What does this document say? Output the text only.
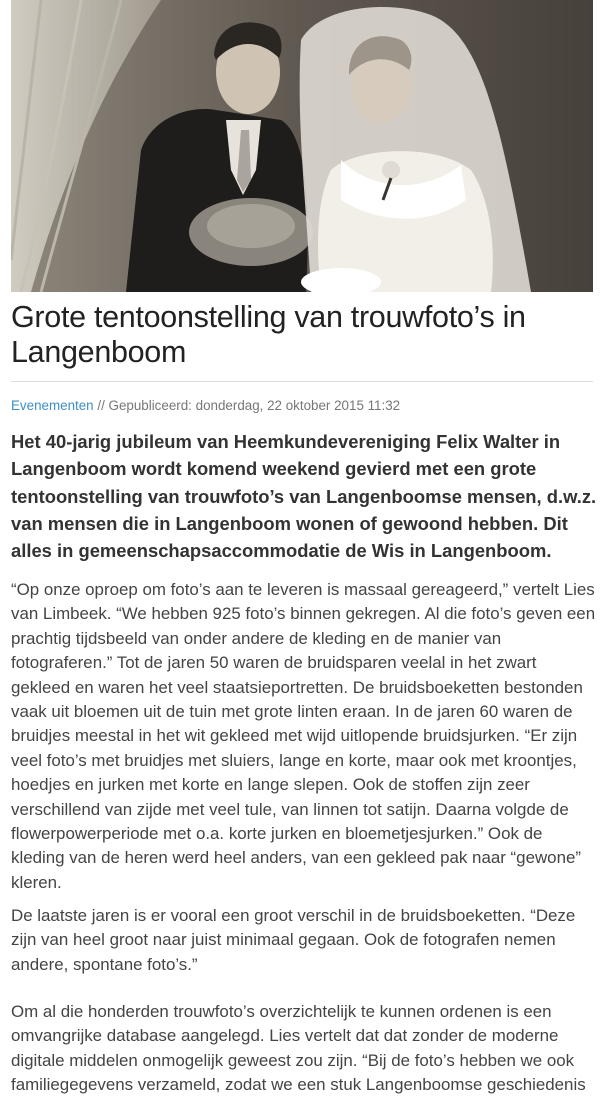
Grote tentoonstelling van trouwfoto’s in Langenboom
Evenementen // Gepubliceerd: donderdag, 22 oktober 2015 11:32

Het 40-jarig jubileum van Heemkundevereniging Felix Walter in Langenboom wordt komend weekend gevierd met een grote tentoonstelling van trouwfoto’s van Langenboomse mensen, d.w.z. van mensen die in Langenboom wonen of gewoond hebben. Dit alles in gemeenschapsaccommodatie de Wis in Langenboom.

“Op onze oproep om foto’s aan te leveren is massaal gereageerd,” vertelt Lies van Limbeek. “We hebben 925 foto’s binnen gekregen. Al die foto’s geven een prachtig tijdsbeeld van onder andere de kleding en de manier van fotograferen.” Tot de jaren 50 waren de bruidsparen veelal in het zwart gekleed en waren het veel staatsieportretten. De bruidsboeketten bestonden vaak uit bloemen uit de tuin met grote linten eraan. In de jaren 60 waren de bruidjes meestal in het wit gekleed met wijd uitlopende bruidsjurken. “Er zijn veel foto’s met bruidjes met sluiers, lange en korte, maar ook met kroontjes, hoedjes en jurken met korte en lange slepen. Ook de stoffen zijn zeer verschillend van zijde met veel tule, van linnen tot satijn. Daarna volgde de flowerpowerperiode met o.a. korte jurken en bloemetjesjurken.” Ook de kleding van de heren werd heel anders, van een gekleed pak naar “gewone” kleren.

De laatste jaren is er vooral een groot verschil in de bruidsboeketten. “Deze zijn van heel groot naar juist minimaal gegaan. Ook de fotografen nemen andere, spontane foto’s.”

Om al die honderden trouwfoto’s overzichtelijk te kunnen ordenen is een omvangrijke database aangelegd. Lies vertelt dat dat zonder de moderne digitale middelen onmogelijk geweest zou zijn. “Bij de foto’s hebben we ook familiegegevens verzameld, zodat we een stuk Langenboomse geschiedenis
